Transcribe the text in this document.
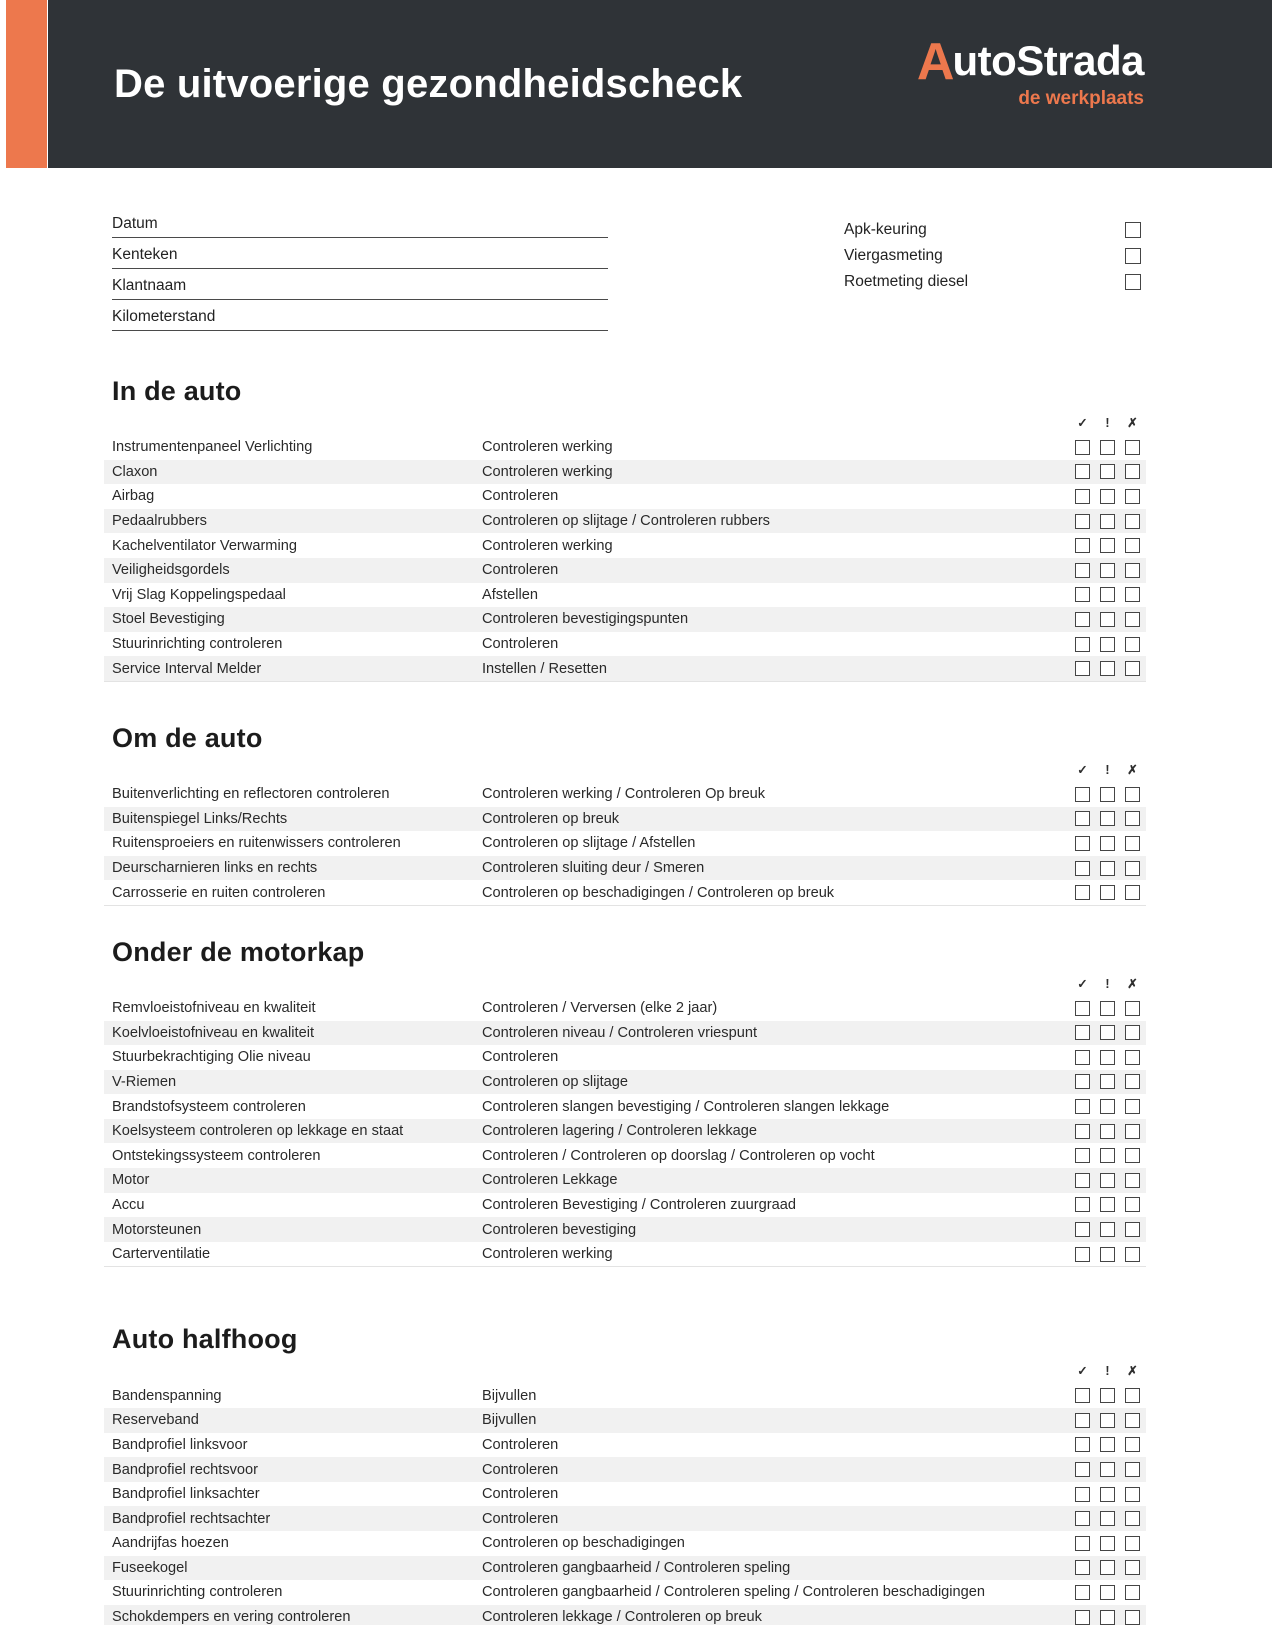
De uitvoerige gezondheidscheck	AutoStrada
de werkplaats
Datum
Kenteken
Klantnaam
Kilometerstand
Apk-keuring
Viergasmeting
Roetmeting diesel
In de auto
✓	!	✗
Instrumentenpaneel Verlichting	Controleren werking
Claxon	Controleren werking
Airbag	Controleren
Pedaalrubbers	Controleren op slijtage / Controleren rubbers
Kachelventilator Verwarming	Controleren werking
Veiligheidsgordels	Controleren
Vrij Slag Koppelingspedaal	Afstellen
Stoel Bevestiging	Controleren bevestigingspunten
Stuurinrichting controleren	Controleren
Service Interval Melder	Instellen / Resetten
Om de auto
✓	!	✗
Buitenverlichting en reflectoren controleren	Controleren werking / Controleren Op breuk
Buitenspiegel Links/Rechts	Controleren op breuk
Ruitensproeiers en ruitenwissers controleren	Controleren op slijtage / Afstellen
Deurscharnieren links en rechts	Controleren sluiting deur / Smeren
Carrosserie en ruiten controleren	Controleren op beschadigingen / Controleren op breuk
Onder de motorkap
✓	!	✗
Remvloeistofniveau en kwaliteit	Controleren / Verversen (elke 2 jaar)
Koelvloeistofniveau en kwaliteit	Controleren niveau / Controleren vriespunt
Stuurbekrachtiging Olie niveau	Controleren
V-Riemen	Controleren op slijtage
Brandstofsysteem controleren	Controleren slangen bevestiging / Controleren slangen lekkage
Koelsysteem controleren op lekkage en staat	Controleren lagering / Controleren lekkage
Ontstekingssysteem controleren	Controleren / Controleren op doorslag / Controleren op vocht
Motor	Controleren Lekkage
Accu	Controleren Bevestiging / Controleren zuurgraad
Motorsteunen	Controleren bevestiging
Carterventilatie	Controleren werking
Auto halfhoog
✓	!	✗
Bandenspanning	Bijvullen
Reserveband	Bijvullen
Bandprofiel linksvoor	Controleren
Bandprofiel rechtsvoor	Controleren
Bandprofiel linksachter	Controleren
Bandprofiel rechtsachter	Controleren
Aandrijfas hoezen	Controleren op beschadigingen
Fuseekogel	Controleren gangbaarheid / Controleren speling
Stuurinrichting controleren	Controleren gangbaarheid / Controleren speling / Controleren beschadigingen
Schokdempers en vering controleren	Controleren lekkage / Controleren op breuk
